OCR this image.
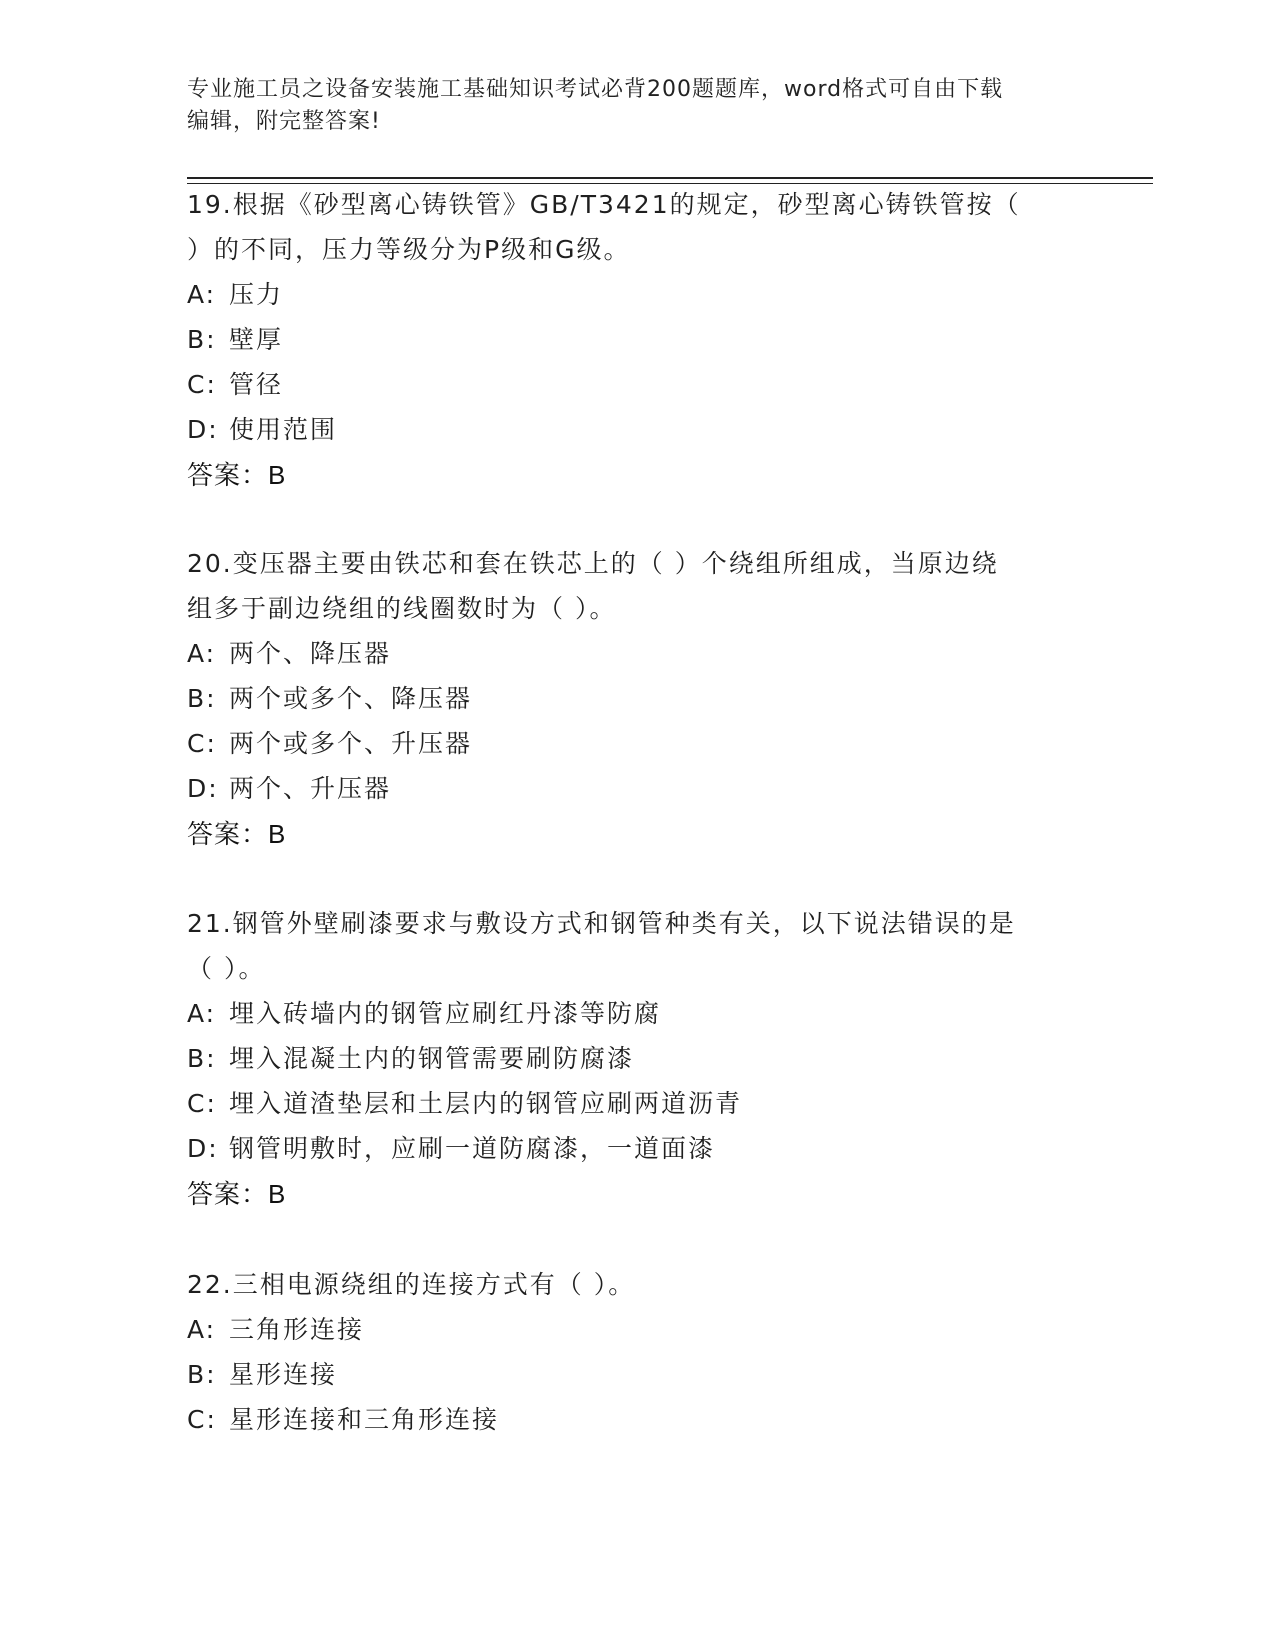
专业施工员之设备安装施工基础知识考试必背200题题库，word格式可自由下载
编辑，附完整答案!

19.根据《砂型离心铸铁管》GB/T3421的规定，砂型离心铸铁管按（

）的不同，压力等级分为P级和G级。

A: 压力

B: 壁厚

C: 管径

D: 使用范围

答案：B

20.变压器主要由铁芯和套在铁芯上的（ ）个绕组所组成，当原边绕

组多于副边绕组的线圈数时为（ ）。

A: 两个、降压器

B: 两个或多个、降压器

C: 两个或多个、升压器

D: 两个、升压器

答案：B

21.钢管外壁刷漆要求与敷设方式和钢管种类有关，以下说法错误的是

（ ）。

A: 埋入砖墙内的钢管应刷红丹漆等防腐

B: 埋入混凝土内的钢管需要刷防腐漆

C: 埋入道渣垫层和土层内的钢管应刷两道沥青

D: 钢管明敷时，应刷一道防腐漆，一道面漆

答案：B

22.三相电源绕组的连接方式有（ ）。

A: 三角形连接

B: 星形连接

C: 星形连接和三角形连接
